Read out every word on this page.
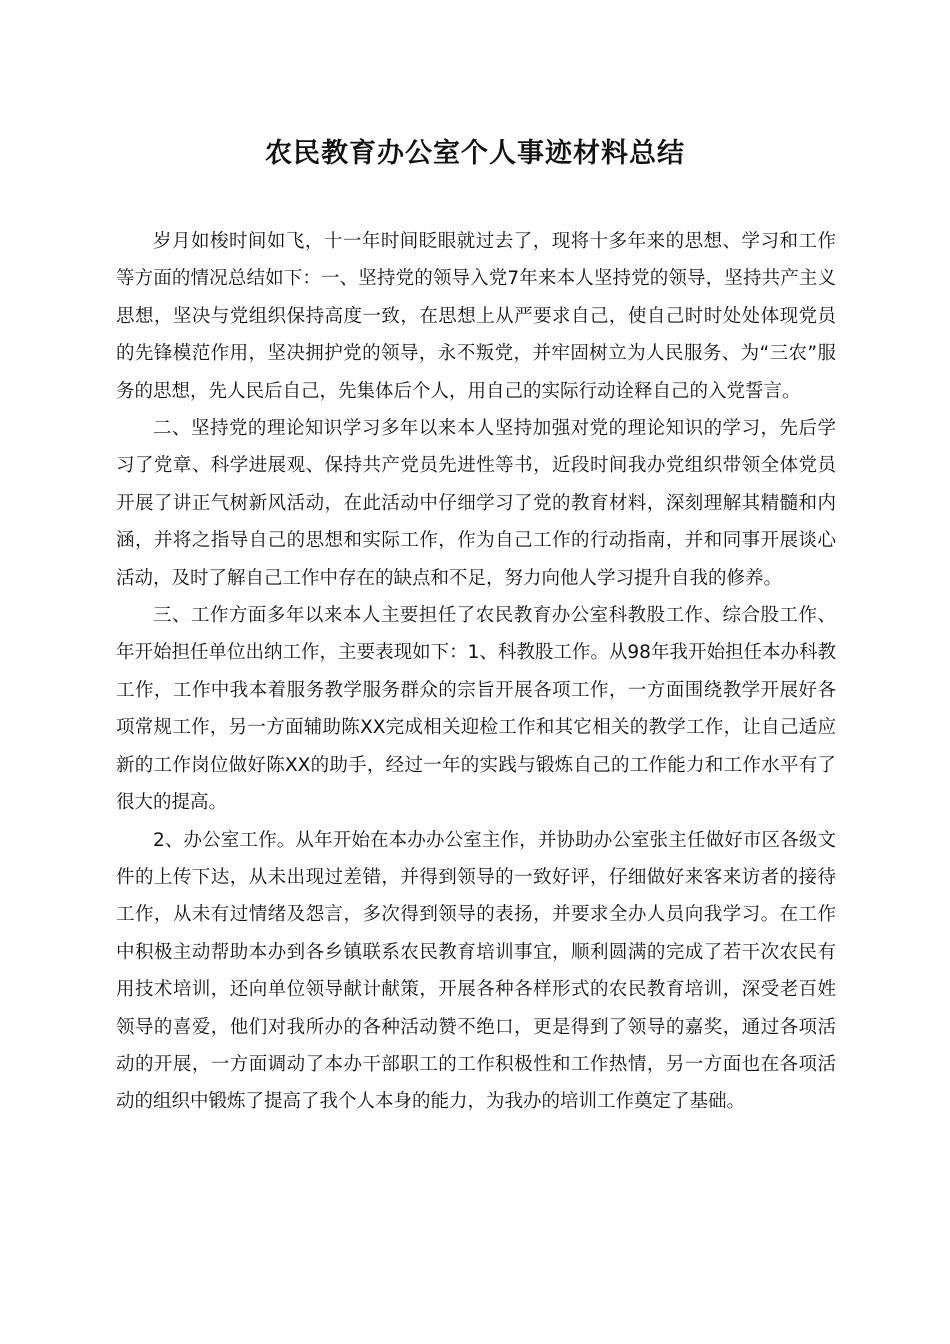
农民教育办公室个人事迹材料总结

岁月如梭时间如飞，十一年时间眨眼就过去了，现将十多年来的思想、学习和工作等方面的情况总结如下：一、坚持党的领导入党7年来本人坚持党的领导，坚持共产主义思想，坚决与党组织保持高度一致，在思想上从严要求自己，使自己时时处处体现党员的先锋模范作用，坚决拥护党的领导，永不叛党，并牢固树立为人民服务、为“三农”服务的思想，先人民后自己，先集体后个人，用自己的实际行动诠释自己的入党誓言。

二、坚持党的理论知识学习多年以来本人坚持加强对党的理论知识的学习，先后学习了党章、科学进展观、保持共产党员先进性等书，近段时间我办党组织带领全体党员开展了讲正气树新风活动，在此活动中仔细学习了党的教育材料，深刻理解其精髓和内涵，并将之指导自己的思想和实际工作，作为自己工作的行动指南，并和同事开展谈心活动，及时了解自己工作中存在的缺点和不足，努力向他人学习提升自我的修养。

三、工作方面多年以来本人主要担任了农民教育办公室科教股工作、综合股工作、年开始担任单位出纳工作，主要表现如下：1、科教股工作。从98年我开始担任本办科教工作，工作中我本着服务教学服务群众的宗旨开展各项工作，一方面围绕教学开展好各项常规工作，另一方面辅助陈XX完成相关迎检工作和其它相关的教学工作，让自己适应新的工作岗位做好陈XX的助手，经过一年的实践与锻炼自己的工作能力和工作水平有了很大的提高。

2、办公室工作。从年开始在本办办公室主作，并协助办公室张主任做好市区各级文件的上传下达，从未出现过差错，并得到领导的一致好评，仔细做好来客来访者的接待工作，从未有过情绪及怨言，多次得到领导的表扬，并要求全办人员向我学习。在工作中积极主动帮助本办到各乡镇联系农民教育培训事宜，顺利圆满的完成了若干次农民有用技术培训，还向单位领导献计献策，开展各种各样形式的农民教育培训，深受老百姓领导的喜爱，他们对我所办的各种活动赞不绝口，更是得到了领导的嘉奖，通过各项活动的开展，一方面调动了本办干部职工的工作积极性和工作热情，另一方面也在各项活动的组织中锻炼了提高了我个人本身的能力，为我办的培训工作奠定了基础。
